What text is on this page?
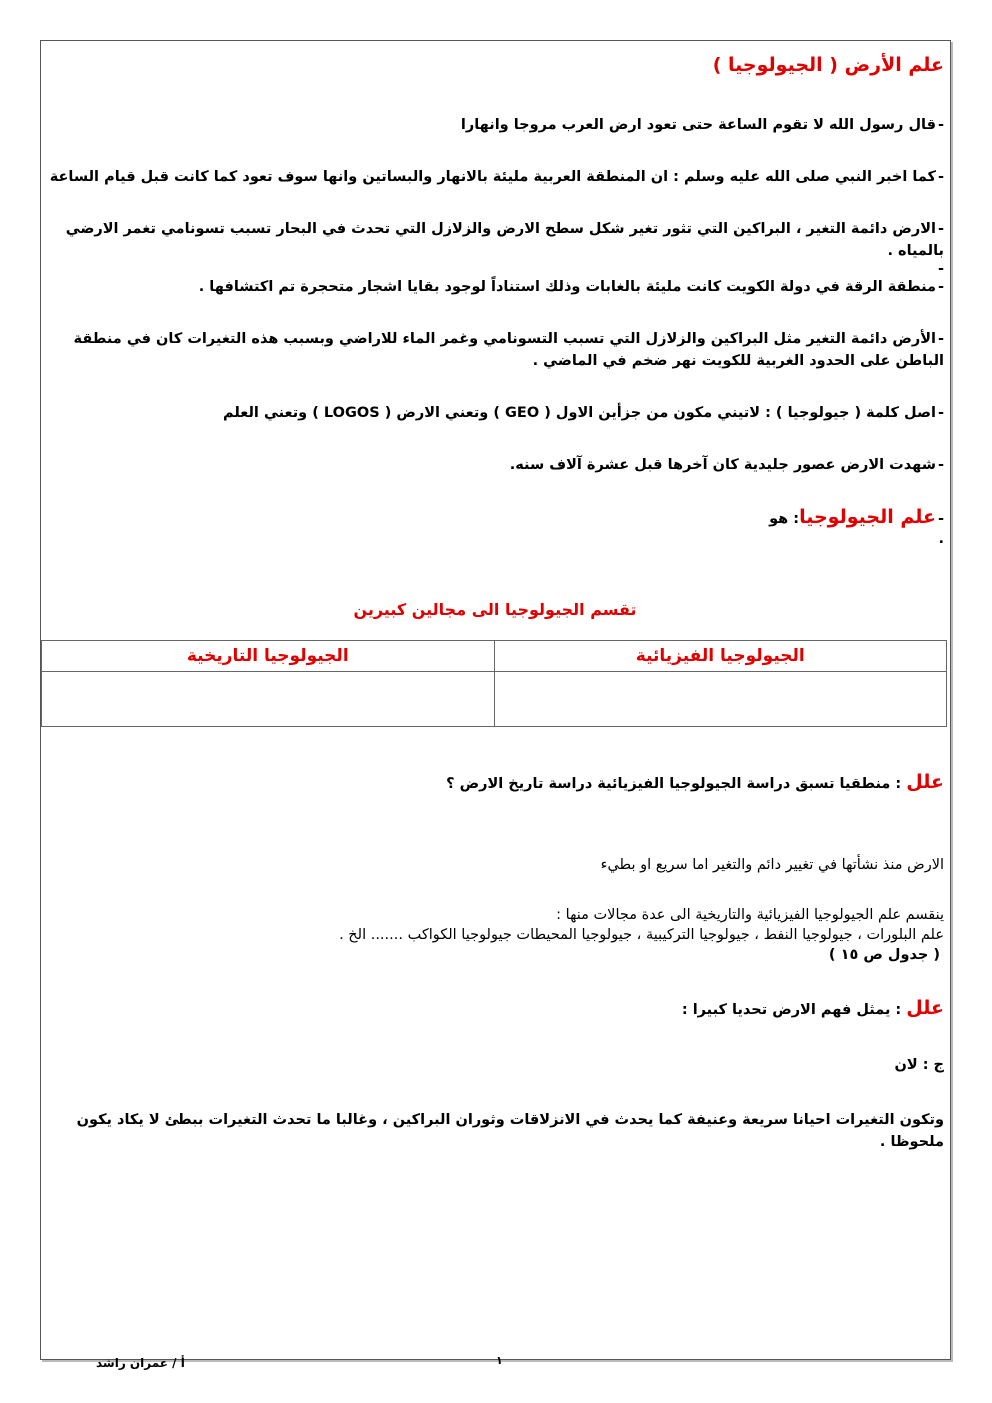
علم الأرض ( الجيولوجيا )
-قال رسول الله لا تقوم الساعة حتى تعود ارض العرب مروجا وانهارا
-كما اخبر النبي صلى الله عليه وسلم : ان المنطقة العربية مليئة بالانهار والبساتين وانها سوف تعود كما كانت قبل قيام الساعة
-الارض دائمة التغير ، البراكين التي تثور تغير شكل سطح الارض والزلازل التي تحدث في البحار تسبب تسونامي تغمر الارضي بالمياه .
-
-منطقة الرقة في دولة الكويت كانت مليئة بالغابات وذلك استناداً لوجود بقايا اشجار متحجرة تم اكتشافها .
-الأرض دائمة التغير مثل البراكين والزلازل التي تسبب التسونامي وغمر الماء للاراضي وبسبب هذه التغيرات كان في منطقة الباطن على الحدود الغربية للكويت نهر ضخم في الماضي .
-اصل كلمة ( جيولوجيا ) : لاتيني مكون من جزأين الاول ( GEO ) وتعني الارض ( LOGOS ) وتعني العلم
-شهدت الارض عصور جليدية كان آخرها قبل عشرة آلاف سنه.
-علم الجيولوجيا: هو
.
تقسم الجيولوجيا الى مجالين كبيرين
الجيولوجيا الفيزيائية	الجيولوجيا التاريخية

علل : منطقيا تسبق دراسة الجيولوجيا الفيزيائية دراسة تاريخ الارض ؟
الارض منذ نشأتها في تغيير دائم والتغير اما سريع او بطيء
ينقسم علم الجيولوجيا الفيزيائية والتاريخية الى عدة مجالات منها :
علم البلورات ، جيولوجيا النفط ، جيولوجيا التركيبية ، جيولوجيا المحيطات جيولوجيا الكواكب ....... الخ .
( جدول ص ١٥ )
علل : يمثل فهم الارض تحديا كبيرا :
ج : لان
وتكون التغيرات احيانا سريعة وعنيفة كما يحدث في الانزلاقات وثوران البراكين ، وغالبا ما تحدث التغيرات ببطئ لا يكاد يكون ملحوظا .
أ / عمران راشد	١
